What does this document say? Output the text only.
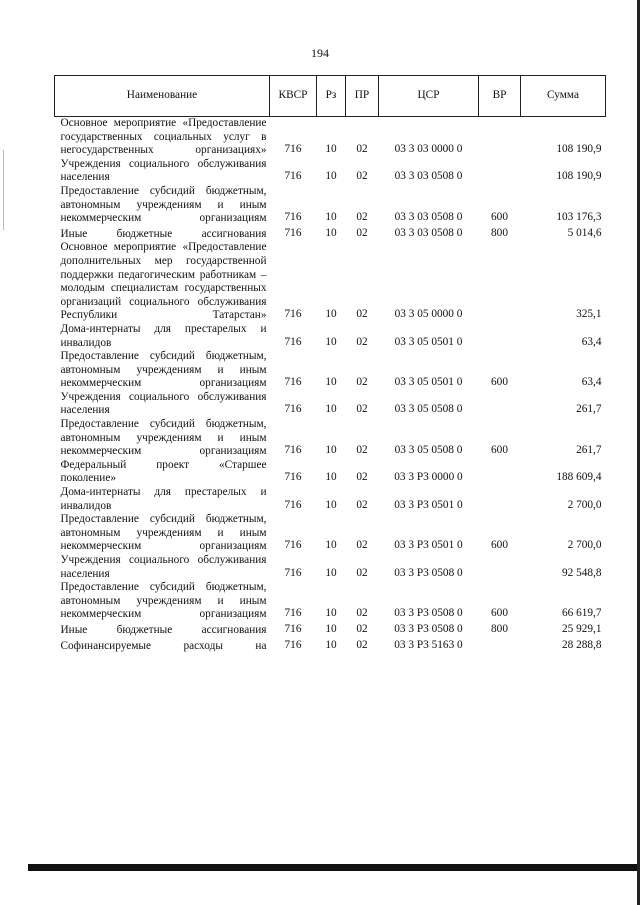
194
Наименование	КВСР	Рз	ПР	ЦСР	ВР	Сумма
Основное мероприятие «Предоставление государственных социальных услуг в негосударственных организациях»	716	10	02	03 3 03 0000 0		108 190,9
Учреждения социального обслуживания населения	716	10	02	03 3 03 0508 0		108 190,9
Предоставление субсидий бюджетным, автономным учреждениям и иным некоммерческим организациям	716	10	02	03 3 03 0508 0	600	103 176,3
Иные бюджетные ассигнования	716	10	02	03 3 03 0508 0	800	5 014,6
Основное мероприятие «Предоставление дополнительных мер государственной поддержки педагогическим работникам – молодым специалистам государственных организаций социального обслуживания Республики Татарстан»	716	10	02	03 3 05 0000 0		325,1
Дома-интернаты для престарелых и инвалидов	716	10	02	03 3 05 0501 0		63,4
Предоставление субсидий бюджетным, автономным учреждениям и иным некоммерческим организациям	716	10	02	03 3 05 0501 0	600	63,4
Учреждения социального обслуживания населения	716	10	02	03 3 05 0508 0		261,7
Предоставление субсидий бюджетным, автономным учреждениям и иным некоммерческим организациям	716	10	02	03 3 05 0508 0	600	261,7
Федеральный проект «Старшее поколение»	716	10	02	03 3 P3 0000 0		188 609,4
Дома-интернаты для престарелых и инвалидов	716	10	02	03 3 P3 0501 0		2 700,0
Предоставление субсидий бюджетным, автономным учреждениям и иным некоммерческим организациям	716	10	02	03 3 P3 0501 0	600	2 700,0
Учреждения социального обслуживания населения	716	10	02	03 3 P3 0508 0		92 548,8
Предоставление субсидий бюджетным, автономным учреждениям и иным некоммерческим организациям	716	10	02	03 3 P3 0508 0	600	66 619,7
Иные бюджетные ассигнования	716	10	02	03 3 P3 0508 0	800	25 929,1
Софинансируемые расходы на	716	10	02	03 3 P3 5163 0		28 288,8
